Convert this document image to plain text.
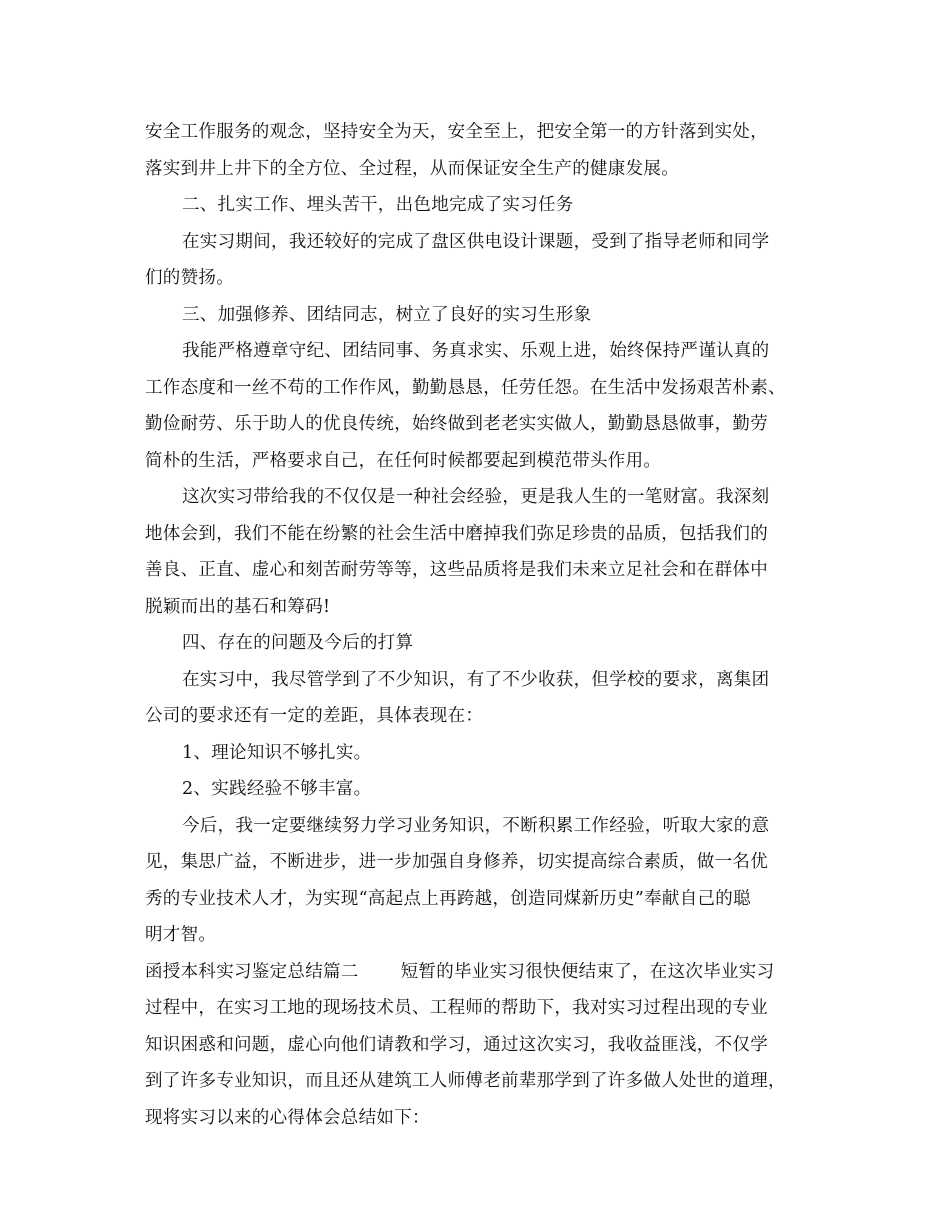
安全工作服务的观念，坚持安全为天，安全至上，把安全第一的方针落到实处，
落实到井上井下的全方位、全过程，从而保证安全生产的健康发展。
二、扎实工作、埋头苦干，出色地完成了实习任务
在实习期间，我还较好的完成了盘区供电设计课题，受到了指导老师和同学
们的赞扬。
三、加强修养、团结同志，树立了良好的实习生形象
我能严格遵章守纪、团结同事、务真求实、乐观上进，始终保持严谨认真的
工作态度和一丝不苟的工作作风，勤勤恳恳，任劳任怨。在生活中发扬艰苦朴素、
勤俭耐劳、乐于助人的优良传统，始终做到老老实实做人，勤勤恳恳做事，勤劳
简朴的生活，严格要求自己，在任何时候都要起到模范带头作用。
这次实习带给我的不仅仅是一种社会经验，更是我人生的一笔财富。我深刻
地体会到，我们不能在纷繁的社会生活中磨掉我们弥足珍贵的品质，包括我们的
善良、正直、虚心和刻苦耐劳等等，这些品质将是我们未来立足社会和在群体中
脱颖而出的基石和筹码!
四、存在的问题及今后的打算
在实习中，我尽管学到了不少知识，有了不少收获，但学校的要求，离集团
公司的要求还有一定的差距，具体表现在：
1、理论知识不够扎实。
2、实践经验不够丰富。
今后，我一定要继续努力学习业务知识，不断积累工作经验，听取大家的意
见，集思广益，不断进步，进一步加强自身修养，切实提高综合素质，做一名优
秀的专业技术人才，为实现“高起点上再跨越，创造同煤新历史”奉献自己的聪
明才智。
函授本科实习鉴定总结篇二 短暂的毕业实习很快便结束了，在这次毕业实习
过程中，在实习工地的现场技术员、工程师的帮助下，我对实习过程出现的专业
知识困惑和问题，虚心向他们请教和学习，通过这次实习，我收益匪浅，不仅学
到了许多专业知识，而且还从建筑工人师傅老前辈那学到了许多做人处世的道理，
现将实习以来的心得体会总结如下：
